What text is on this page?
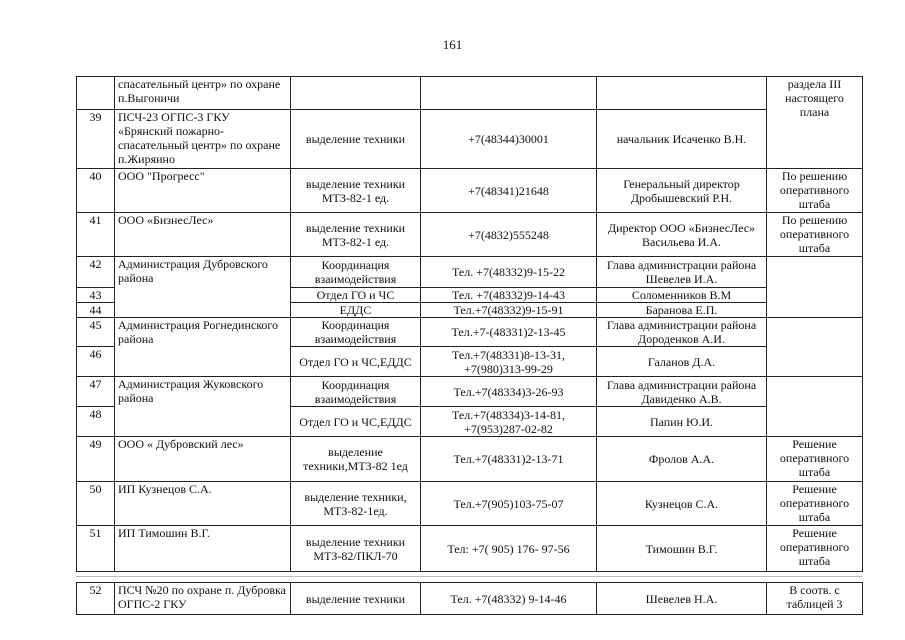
161
	спасательный центр» по охране п.Выгоничи				раздела III настоящего плана
39	ПСЧ-23 ОГПС-3 ГКУ «Брянский пожарно-спасательный центр» по охране п.Жиряино	выделение техники	+7(48344)30001	начальник Исаченко В.Н.	
40	ООО "Прогресс"	выделение техники МТЗ-82-1 ед.	+7(48341)21648	Генеральный директор Дробышевский Р.Н.	По решению оперативного штаба
41	ООО «БизнесЛес»	выделение техники МТЗ-82-1 ед.	+7(4832)555248	Директор ООО «БизнесЛес» Васильева И.А.	По решению оперативного штаба
42	Администрация Дубровского района	Координация взаимодействия	Тел. +7(48332)9-15-22	Глава администрации района Шевелев И.А.	
43		Отдел ГО и ЧС	Тел. +7(48332)9-14-43	Соломенников В.М	
44		ЕДДС	Тел.+7(48332)9-15-91	Баранова Е.П.	
45	Администрация Рогнединского района	Координация взаимодействия	Тел.+7-(48331)2-13-45	Глава администрации района Дороденков А.И.	
46		Отдел ГО и ЧС,ЕДДС	Тел.+7(48331)8-13-31, +7(980)313-99-29	Галанов Д.А.	
47	Администрация Жуковского района	Координация взаимодействия	Тел.+7(48334)3-26-93	Глава администрации района Давиденко А.В.	
48		Отдел ГО и ЧС,ЕДДС	Тел.+7(48334)3-14-81, +7(953)287-02-82	Папин Ю.И.	
49	ООО « Дубровский лес»	выделение техники,МТЗ-82 1ед	Тел.+7(48331)2-13-71	Фролов А.А.	Решение оперативного штаба
50	ИП Кузнецов С.А.	выделение техники, МТЗ-82-1ед.	Тел.+7(905)103-75-07	Кузнецов С.А.	Решение оперативного штаба
51	ИП Тимошин В.Г.	выделение техники МТЗ-82/ПКЛ-70	Тел: +7( 905) 176- 97-56	Тимошин В.Г.	Решение оперативного штаба
52	ПСЧ №20 по охране п. Дубровка ОГПС-2 ГКУ	выделение техники	Тел. +7(48332) 9-14-46	Шевелев Н.А.	В соотв. с таблицей 3
